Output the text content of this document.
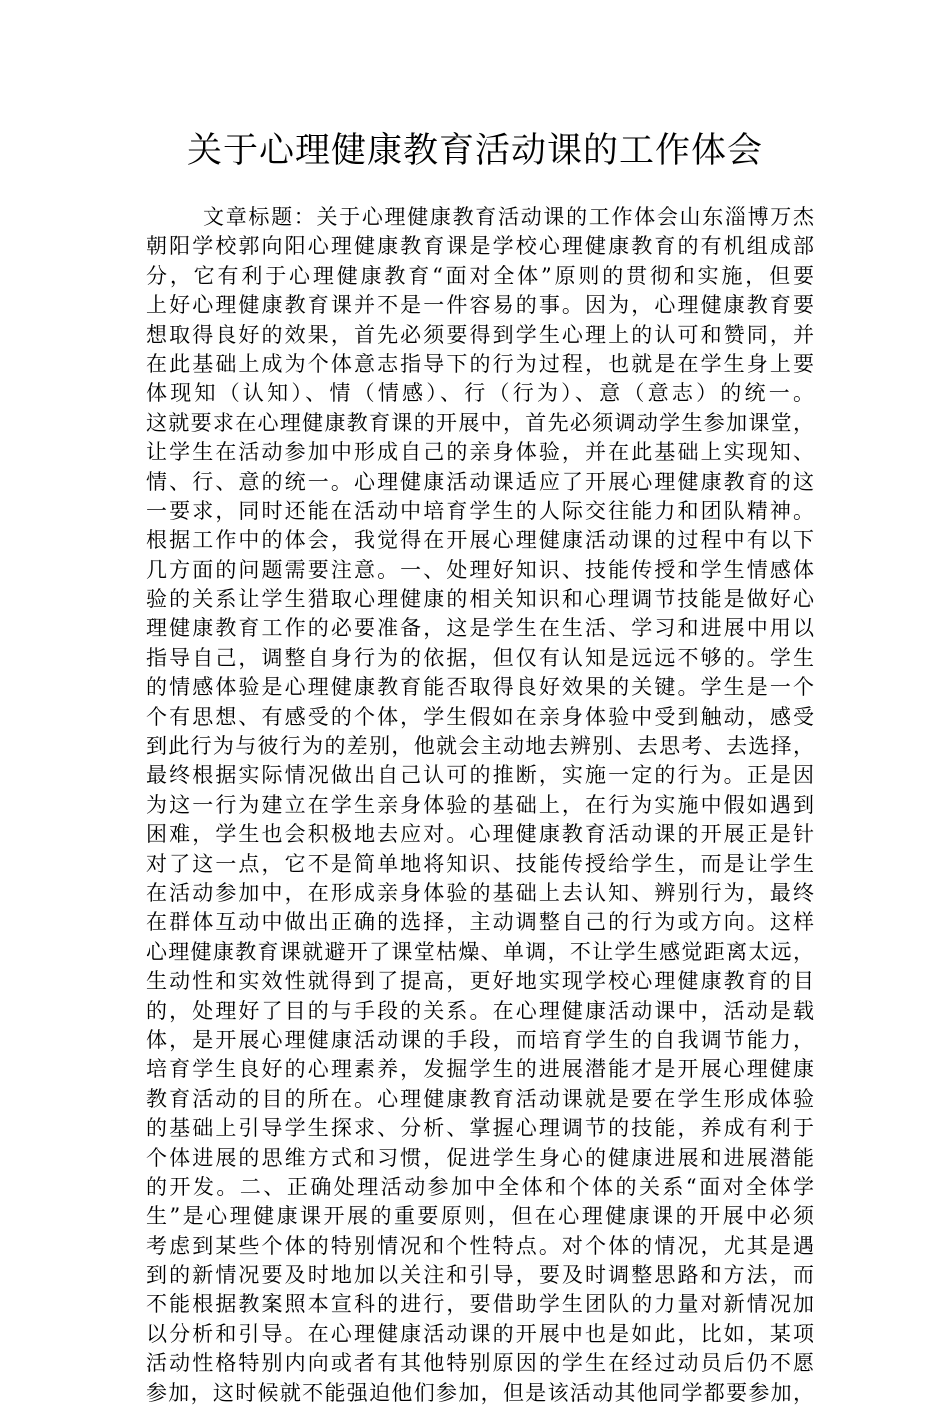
关于心理健康教育活动课的工作体会
文章标题：关于心理健康教育活动课的工作体会山东淄博万杰
朝阳学校郭向阳心理健康教育课是学校心理健康教育的有机组成部
分，它有利于心理健康教育“面对全体”原则的贯彻和实施，但要
上好心理健康教育课并不是一件容易的事。因为，心理健康教育要
想取得良好的效果，首先必须要得到学生心理上的认可和赞同，并
在此基础上成为个体意志指导下的行为过程，也就是在学生身上要
体现知（认知）、情（情感）、行（行为）、意（意志）的统一。
这就要求在心理健康教育课的开展中，首先必须调动学生参加课堂，
让学生在活动参加中形成自己的亲身体验，并在此基础上实现知、
情、行、意的统一。心理健康活动课适应了开展心理健康教育的这
一要求，同时还能在活动中培育学生的人际交往能力和团队精神。
根据工作中的体会，我觉得在开展心理健康活动课的过程中有以下
几方面的问题需要注意。一、处理好知识、技能传授和学生情感体
验的关系让学生猎取心理健康的相关知识和心理调节技能是做好心
理健康教育工作的必要准备，这是学生在生活、学习和进展中用以
指导自己，调整自身行为的依据，但仅有认知是远远不够的。学生
的情感体验是心理健康教育能否取得良好效果的关键。学生是一个
个有思想、有感受的个体，学生假如在亲身体验中受到触动，感受
到此行为与彼行为的差别，他就会主动地去辨别、去思考、去选择，
最终根据实际情况做出自己认可的推断，实施一定的行为。正是因
为这一行为建立在学生亲身体验的基础上，在行为实施中假如遇到
困难，学生也会积极地去应对。心理健康教育活动课的开展正是针
对了这一点，它不是简单地将知识、技能传授给学生，而是让学生
在活动参加中，在形成亲身体验的基础上去认知、辨别行为，最终
在群体互动中做出正确的选择，主动调整自己的行为或方向。这样
心理健康教育课就避开了课堂枯燥、单调，不让学生感觉距离太远，
生动性和实效性就得到了提高，更好地实现学校心理健康教育的目
的，处理好了目的与手段的关系。在心理健康活动课中，活动是载
体，是开展心理健康活动课的手段，而培育学生的自我调节能力，
培育学生良好的心理素养，发掘学生的进展潜能才是开展心理健康
教育活动的目的所在。心理健康教育活动课就是要在学生形成体验
的基础上引导学生探求、分析、掌握心理调节的技能，养成有利于
个体进展的思维方式和习惯，促进学生身心的健康进展和进展潜能
的开发。二、正确处理活动参加中全体和个体的关系“面对全体学
生”是心理健康课开展的重要原则，但在心理健康课的开展中必须
考虑到某些个体的特别情况和个性特点。对个体的情况，尤其是遇
到的新情况要及时地加以关注和引导，要及时调整思路和方法，而
不能根据教案照本宣科的进行，要借助学生团队的力量对新情况加
以分析和引导。在心理健康活动课的开展中也是如此，比如，某项
活动性格特别内向或者有其他特别原因的学生在经过动员后仍不愿
参加，这时候就不能强迫他们参加，但是该活动其他同学都要参加，
